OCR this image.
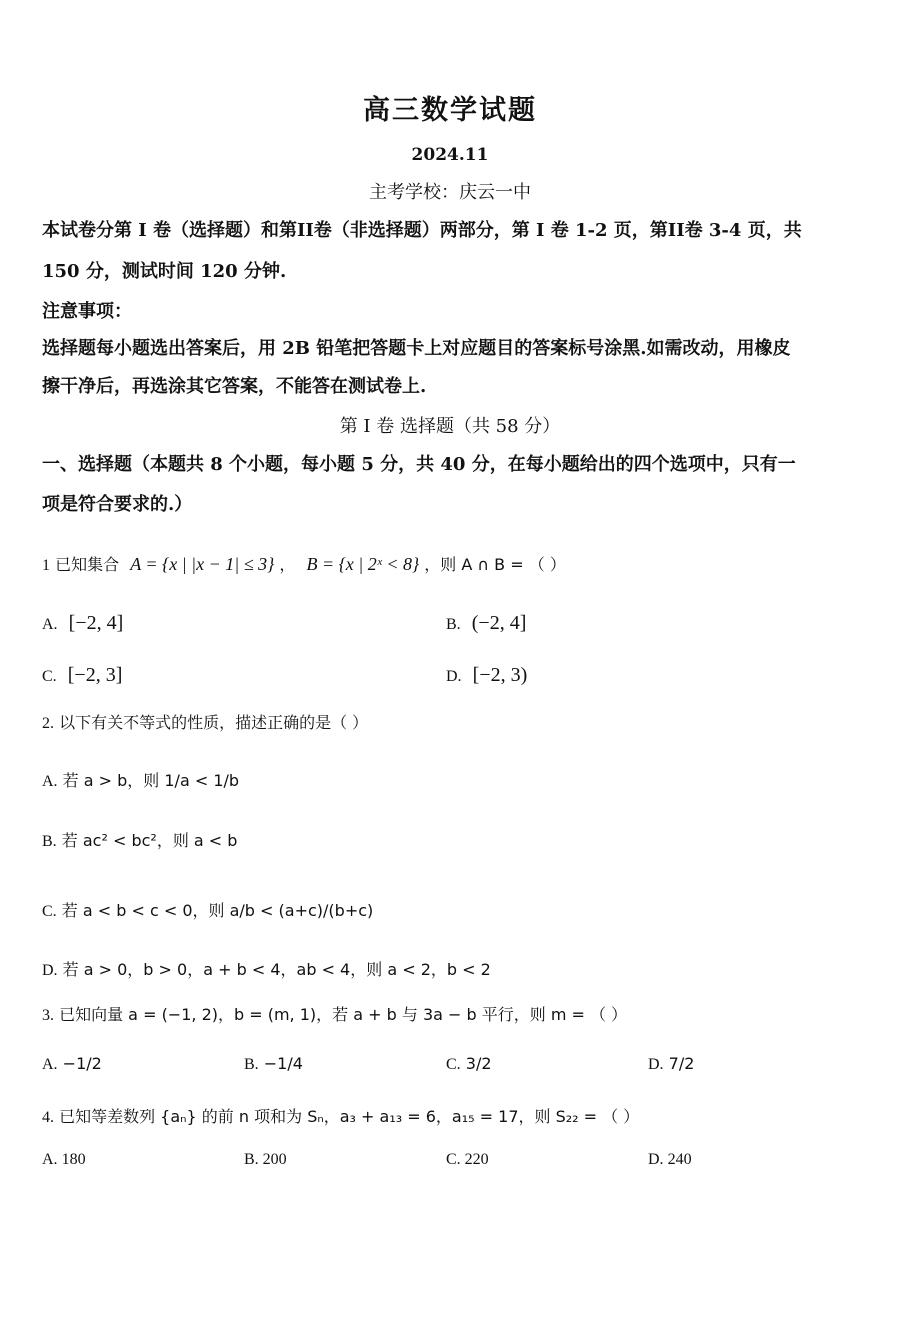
高三数学试题
2024.11
主考学校：庆云一中
本试卷分第 I 卷（选择题）和第II卷（非选择题）两部分，第 I 卷 1-2 页，第II卷 3-4 页，共
150 分，测试时间 120 分钟.
注意事项：
选择题每小题选出答案后，用 2B 铅笔把答题卡上对应题目的答案标号涂黑.如需改动，用橡皮
擦干净后，再选涂其它答案，不能答在测试卷上.
第 I 卷 选择题（共 58 分）
一、选择题（本题共 8 个小题，每小题 5 分，共 40 分，在每小题给出的四个选项中，只有一
项是符合要求的.）
1 已知集合 A = {x | |x − 1| ≤ 3} ， B = {x | 2ˣ < 8} ，则 A ∩ B = （ ）
A. [−2, 4]	B. (−2, 4]
C. [−2, 3]	D. [−2, 3)
2. 以下有关不等式的性质，描述正确的是（ ）
A. 若 a > b，则 1/a < 1/b
B. 若 ac² < bc²，则 a < b
C. 若 a < b < c < 0，则 a/b < (a+c)/(b+c)
D. 若 a > 0，b > 0，a + b < 4，ab < 4，则 a < 2，b < 2
3. 已知向量 a = (−1, 2)，b = (m, 1)，若 a + b 与 3a − b 平行，则 m = （ ）
A. −1/2	B. −1/4	C. 3/2	D. 7/2
4. 已知等差数列 {aₙ} 的前 n 项和为 Sₙ，a₃ + a₁₃ = 6，a₁₅ = 17，则 S₂₂ = （ ）
A. 180	B. 200	C. 220	D. 240
